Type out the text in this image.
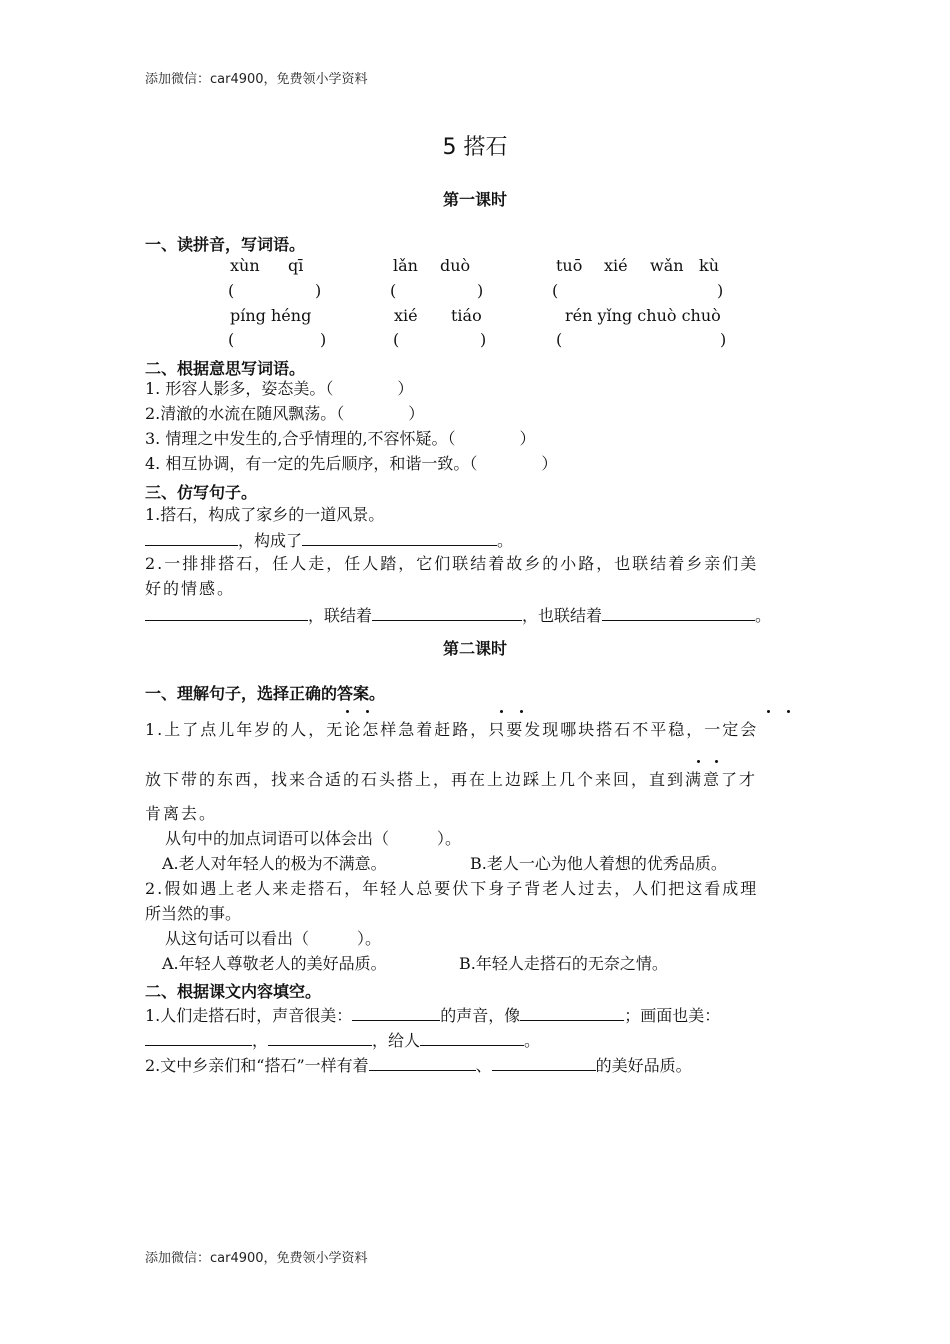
添加微信：car4900，免费领小学资料
5 搭石
第一课时
一、读拼音，写词语。
xùn qī	lǎn duò	tuō xié wǎn kù
(	)	(	)	(	)
píng héng	xié tiáo	rén yǐng chuò chuò
(	)	(	)	(	)
二、根据意思写词语。
1. 形容人影多，姿态美。（　　　　）
2.清澈的水流在随风飘荡。（　　　　）
3. 情理之中发生的,合乎情理的,不容怀疑。（　　　　）
4. 相互协调，有一定的先后顺序，和谐一致。（　　　　）
三、仿写句子。
1.搭石，构成了家乡的一道风景。
，构成了	。
2.一排排搭石，任人走，任人踏，它们联结着故乡的小路，也联结着乡亲们美
好的情感。
，联结着	，也联结着	。
第二课时
一、理解句子，选择正确的答案。
1.上了点儿年岁的人，无论怎样急着赶路，只要发现哪块搭石不平稳，一定会
放下带的东西，找来合适的石头搭上，再在上边踩上几个来回，直到满意了才
肯离去。
从句中的加点词语可以体会出（　　　）。
A.老人对年轻人的极为不满意。	B.老人一心为他人着想的优秀品质。
2.假如遇上老人来走搭石，年轻人总要伏下身子背老人过去，人们把这看成理
所当然的事。
从这句话可以看出（　　　）。
A.年轻人尊敬老人的美好品质。	B.年轻人走搭石的无奈之情。
二、根据课文内容填空。
1.人们走搭石时，声音很美：	的声音，像	；画面也美：
，	，给人	。
2.文中乡亲们和“搭石”一样有着	、	的美好品质。
添加微信：car4900，免费领小学资料
